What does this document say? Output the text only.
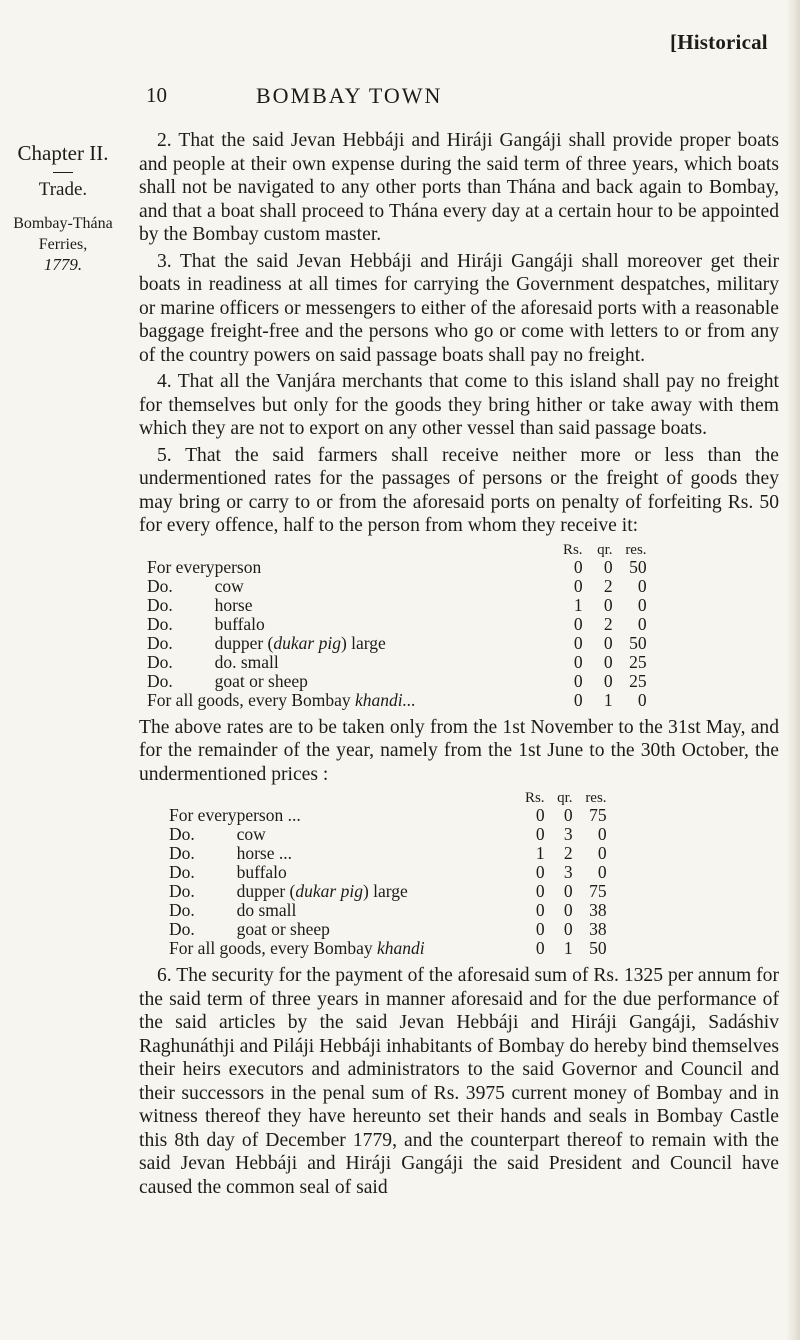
[Historical
10	BOMBAY TOWN
Chapter II.
Trade.
Bombay-Thána Ferries,
1779.

2. That the said Jevan Hebbáji and Hiráji Gangáji shall provide proper boats and people at their own expense during the said term of three years, which boats shall not be navigated to any other ports than Thána and back again to Bombay, and that a boat shall proceed to Thána every day at a certain hour to be appointed by the Bombay custom master.

3. That the said Jevan Hebbáji and Hiráji Gangáji shall moreover get their boats in readiness at all times for carrying the Government despatches, military or marine officers or messengers to either of the aforesaid ports with a reasonable baggage freight-free and the persons who go or come with letters to or from any of the country powers on said passage boats shall pay no freight.

4. That all the Vanjára merchants that come to this island shall pay no freight for themselves but only for the goods they bring hither or take away with them which they are not to export on any other vessel than said passage boats.

5. That the said farmers shall receive neither more or less than the undermentioned rates for the passages of persons or the freight of goods they may bring or carry to or from the aforesaid ports on penalty of forfeiting Rs. 50 for every offence, half to the person from whom they receive it:

		Rs.	qr.	res.
For every	person	0	0	50
Do.	cow	0	2	0
Do.	horse	1	0	0
Do.	buffalo	0	2	0
Do.	dupper (dukar pig) large	0	0	50
Do.	do. small	0	0	25
Do.	goat or sheep	0	0	25
For all goods, every Bombay khandi...		0	1	0

The above rates are to be taken only from the 1st November to the 31st May, and for the remainder of the year, namely from the 1st June to the 30th October, the undermentioned prices :

		Rs.	qr.	res.
For every	person ...	0	0	75
Do.	cow	0	3	0
Do.	horse ...	1	2	0
Do.	buffalo	0	3	0
Do.	dupper (dukar pig) large	0	0	75
Do.	do small	0	0	38
Do.	goat or sheep	0	0	38
For all goods, every Bombay khandi		0	1	50

6. The security for the payment of the aforesaid sum of Rs. 1325 per annum for the said term of three years in manner aforesaid and for the due performance of the said articles by the said Jevan Hebbáji and Hiráji Gangáji, Sadáshiv Raghunáthji and Piláji Hebbáji inhabitants of Bombay do hereby bind themselves their heirs executors and administrators to the said Governor and Council and their successors in the penal sum of Rs. 3975 current money of Bombay and in witness thereof they have hereunto set their hands and seals in Bombay Castle this 8th day of December 1779, and the counterpart thereof to remain with the said Jevan Hebbáji and Hiráji Gangáji the said President and Council have caused the common seal of said
